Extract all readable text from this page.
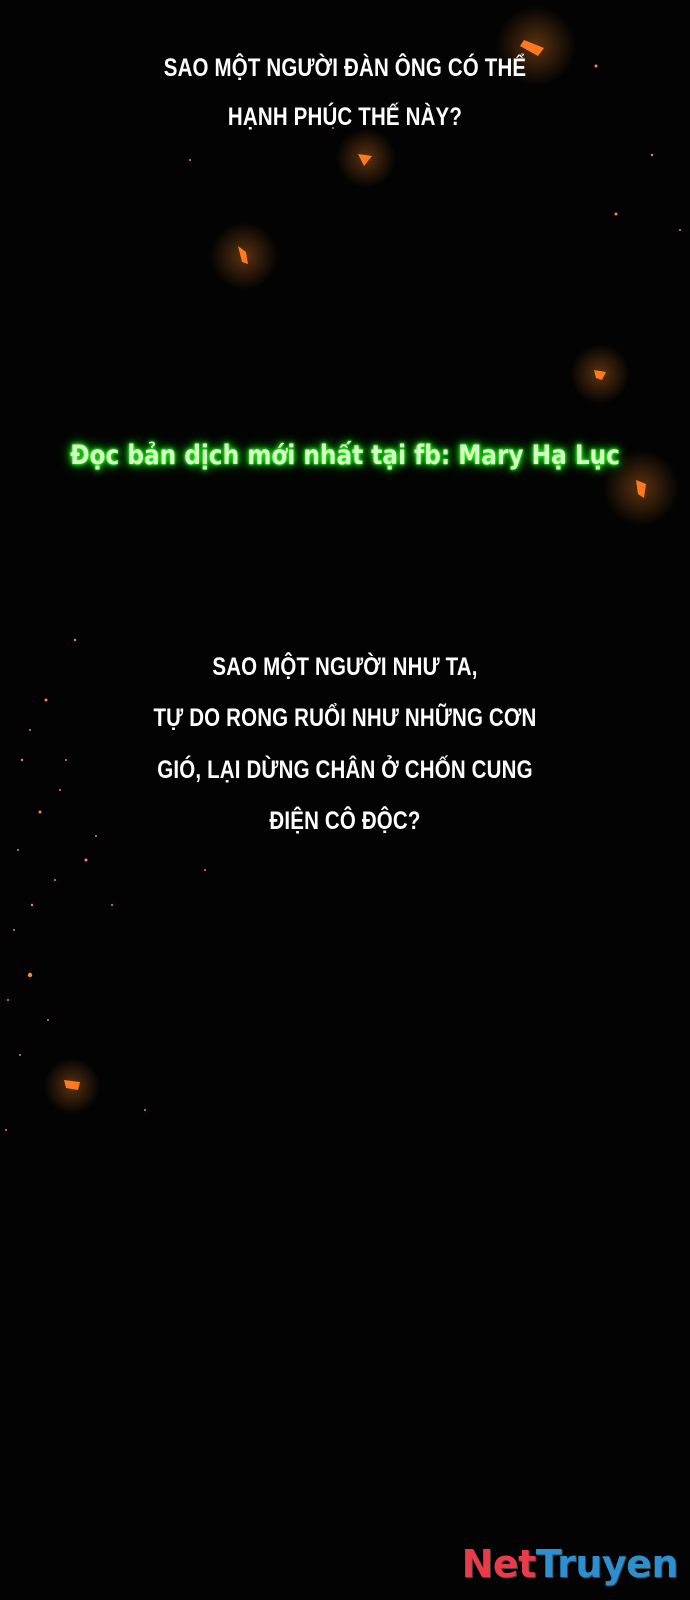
SAO MỘT NGƯỜI ĐÀN ÔNG CÓ THỂ
HẠNH PHÚC THẾ NÀY?
Đọc bản dịch mới nhất tại fb: Mary Hạ Lục
SAO MỘT NGƯỜI NHƯ TA,
TỰ DO RONG RUỔI NHƯ NHỮNG CƠN
GIÓ, LẠI DỪNG CHÂN Ở CHỐN CUNG
ĐIỆN CÔ ĐỘC?
NetTruyen
